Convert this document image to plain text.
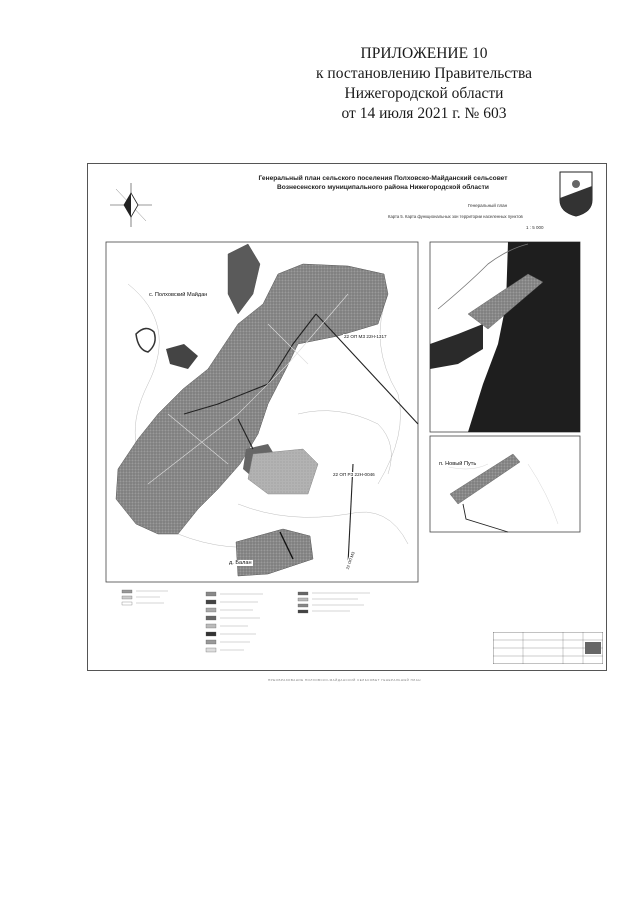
ПРИЛОЖЕНИЕ 10
к постановлению Правительства
Нижегородской области
от 14 июля 2021 г. № 603
Генеральный план сельского поселения Полховско-Майданский сельсовет
Вознесенского муниципального района Нижегородской области
Генеральный план
Карта 5. Карта функциональных зон территории населенных пунктов
1 : 5 000
с. Полховский Майдан
д. Балан
п. Новый Путь
22 ОП МЗ 22Н-1317
22 ОП РЗ 22Н-0046
22 ОП МЗ
ПРЕОБРАЗОВАНИЕ ПОЛХОВСКО-МАЙДАНСКИЙ СЕЛЬСОВЕТ ГЕНЕРАЛЬНЫЙ ПЛАН
